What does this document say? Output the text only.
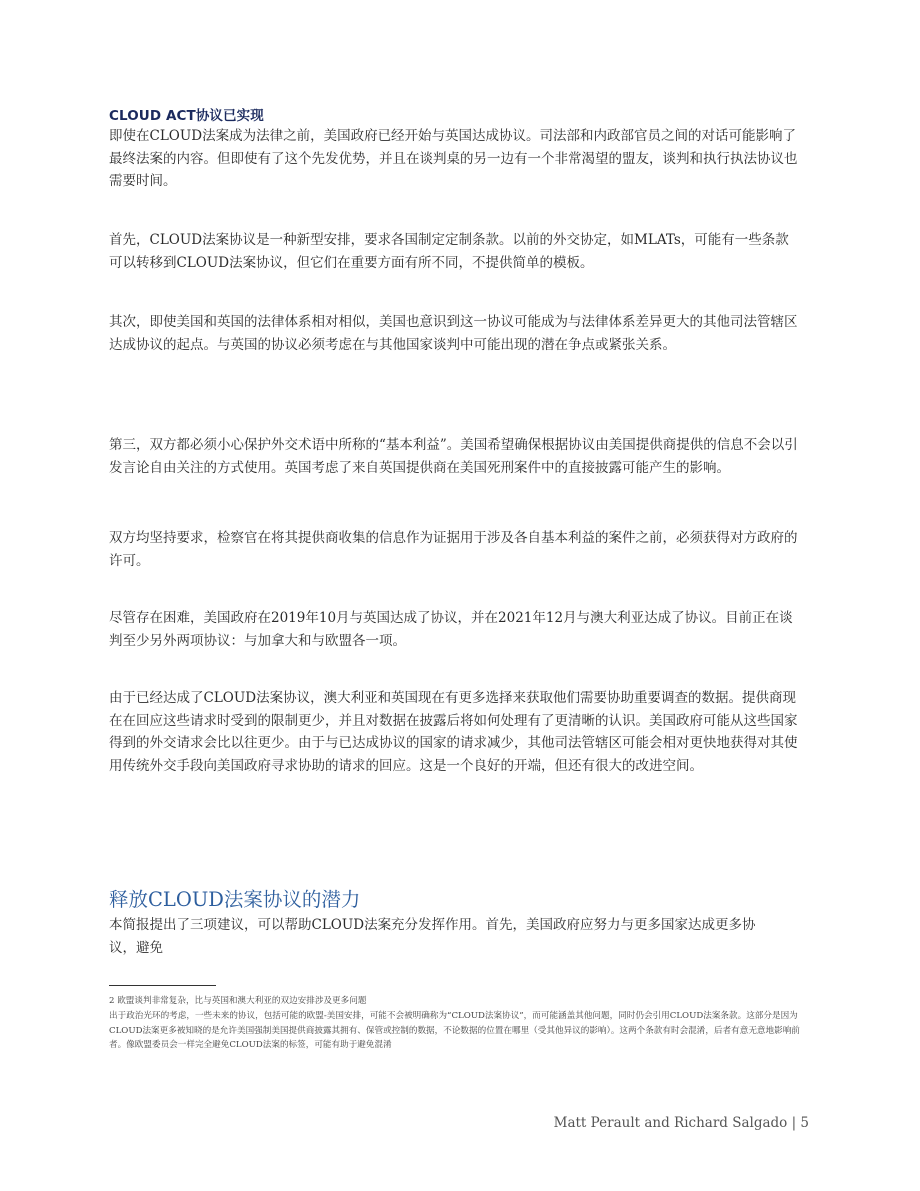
CLOUD ACT协议已实现

即使在CLOUD法案成为法律之前，美国政府已经开始与英国达成协议。司法部和内政部官员之间的对话可能影响了最终法案的内容。但即使有了这个先发优势，并且在谈判桌的另一边有一个非常渴望的盟友，谈判和执行执法协议也需要时间。

首先，CLOUD法案协议是一种新型安排，要求各国制定定制条款。以前的外交协定，如MLATs，可能有一些条款可以转移到CLOUD法案协议，但它们在重要方面有所不同，不提供简单的模板。

其次，即使美国和英国的法律体系相对相似，美国也意识到这一协议可能成为与法律体系差异更大的其他司法管辖区达成协议的起点。与英国的协议必须考虑在与其他国家谈判中可能出现的潜在争点或紧张关系。

第三，双方都必须小心保护外交术语中所称的“基本利益”。美国希望确保根据协议由美国提供商提供的信息不会以引发言论自由关注的方式使用。英国考虑了来自英国提供商在美国死刑案件中的直接披露可能产生的影响。

双方均坚持要求，检察官在将其提供商收集的信息作为证据用于涉及各自基本利益的案件之前，必须获得对方政府的许可。

尽管存在困难，美国政府在2019年10月与英国达成了协议，并在2021年12月与澳大利亚达成了协议。目前正在谈判至少另外两项协议：与加拿大和与欧盟各一项。

由于已经达成了CLOUD法案协议，澳大利亚和英国现在有更多选择来获取他们需要协助重要调查的数据。提供商现在在回应这些请求时受到的限制更少，并且对数据在披露后将如何处理有了更清晰的认识。美国政府可能从这些国家得到的外交请求会比以往更少。由于与已达成协议的国家的请求减少，其他司法管辖区可能会相对更快地获得对其使用传统外交手段向美国政府寻求协助的请求的回应。这是一个良好的开端，但还有很大的改进空间。

释放CLOUD法案协议的潜力

本简报提出了三项建议，可以帮助CLOUD法案充分发挥作用。首先，美国政府应努力与更多国家达成更多协议，避免

2 欧盟谈判非常复杂，比与英国和澳大利亚的双边安排涉及更多问题

出于政治光环的考虑，一些未来的协议，包括可能的欧盟-美国安排，可能不会被明确称为“CLOUD法案协议”，而可能涵盖其他问题，同时仍会引用CLOUD法案条款。这部分是因为CLOUD法案更多被知晓的是允许美国强制美国提供商披露其拥有、保管或控制的数据，不论数据的位置在哪里（受其他异议的影响）。这两个条款有时会混淆，后者有意无意地影响前者。像欧盟委员会一样完全避免CLOUD法案的标签，可能有助于避免混淆

Matt Perault and Richard Salgado | 5
